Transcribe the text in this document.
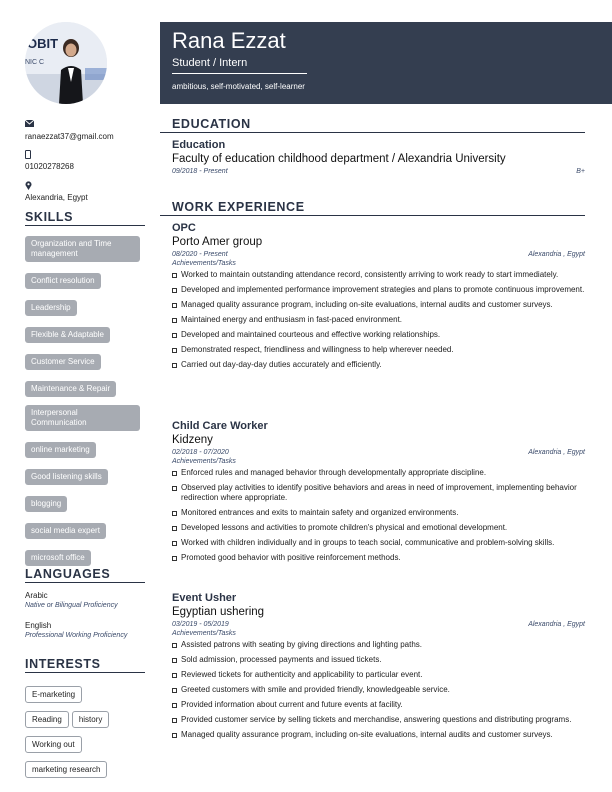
OBIT
NIC C
ranaezzat37@gmail.com
01020278268
Alexandria, Egypt
SKILLS
Organization and Time management Conflict resolution Leadership Flexible & Adaptable Customer Service Maintenance & Repair Interpersonal Communication online marketing Good listening skills blogging social media expert microsoft office
LANGUAGES
Arabic
Native or Bilingual Proficiency
English
Professional Working Proficiency
INTERESTS
E-marketing
Reading history
Working out
marketing research
Rana Ezzat
Student / Intern
ambitious, self-motivated, self-learner
EDUCATION
Education
Faculty of education childhood department / Alexandria University
09/2018 - Present	B+
WORK EXPERIENCE
OPC
Porto Amer group
08/2020 - Present	Alexandria , Egypt
Achievements/Tasks
Worked to maintain outstanding attendance record, consistently arriving to work ready to start immediately.
Developed and implemented performance improvement strategies and plans to promote continuous improvement.
Managed quality assurance program, including on-site evaluations, internal audits and customer surveys.
Maintained energy and enthusiasm in fast-paced environment.
Developed and maintained courteous and effective working relationships.
Demonstrated respect, friendliness and willingness to help wherever needed.
Carried out day-day-day duties accurately and efficiently.
Child Care Worker
Kidzeny
02/2018 - 07/2020	Alexandria , Egypt
Achievements/Tasks
Enforced rules and managed behavior through developmentally appropriate discipline.
Observed play activities to identify positive behaviors and areas in need of improvement, implementing behavior redirection where appropriate.
Monitored entrances and exits to maintain safety and organized environments.
Developed lessons and activities to promote children's physical and emotional development.
Worked with children individually and in groups to teach social, communicative and problem-solving skills.
Promoted good behavior with positive reinforcement methods.
Event Usher
Egyptian ushering
03/2019 - 05/2019	Alexandria , Egypt
Achievements/Tasks
Assisted patrons with seating by giving directions and lighting paths.
Sold admission, processed payments and issued tickets.
Reviewed tickets for authenticity and applicability to particular event.
Greeted customers with smile and provided friendly, knowledgeable service.
Provided information about current and future events at facility.
Provided customer service by selling tickets and merchandise, answering questions and distributing programs.
Managed quality assurance program, including on-site evaluations, internal audits and customer surveys.
